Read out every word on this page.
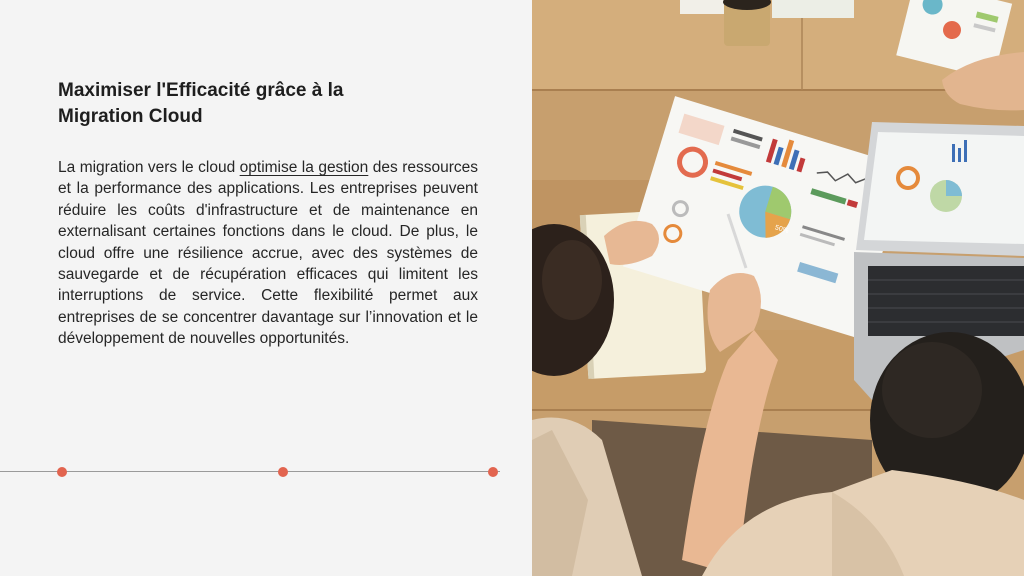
Maximiser l'Efficacité grâce à la
Migration Cloud

La migration vers le cloud optimise la gestion des ressources et la performance des applications. Les entreprises peuvent réduire les coûts d'infrastructure et de maintenance en externalisant certaines fonctions dans le cloud. De plus, le cloud offre une résilience accrue, avec des systèmes de sauvegarde et de récupération efficaces qui limitent les interruptions de service. Cette flexibilité permet aux entreprises de se concentrer davantage sur l’innovation et le développement de nouvelles opportunités.

50%
